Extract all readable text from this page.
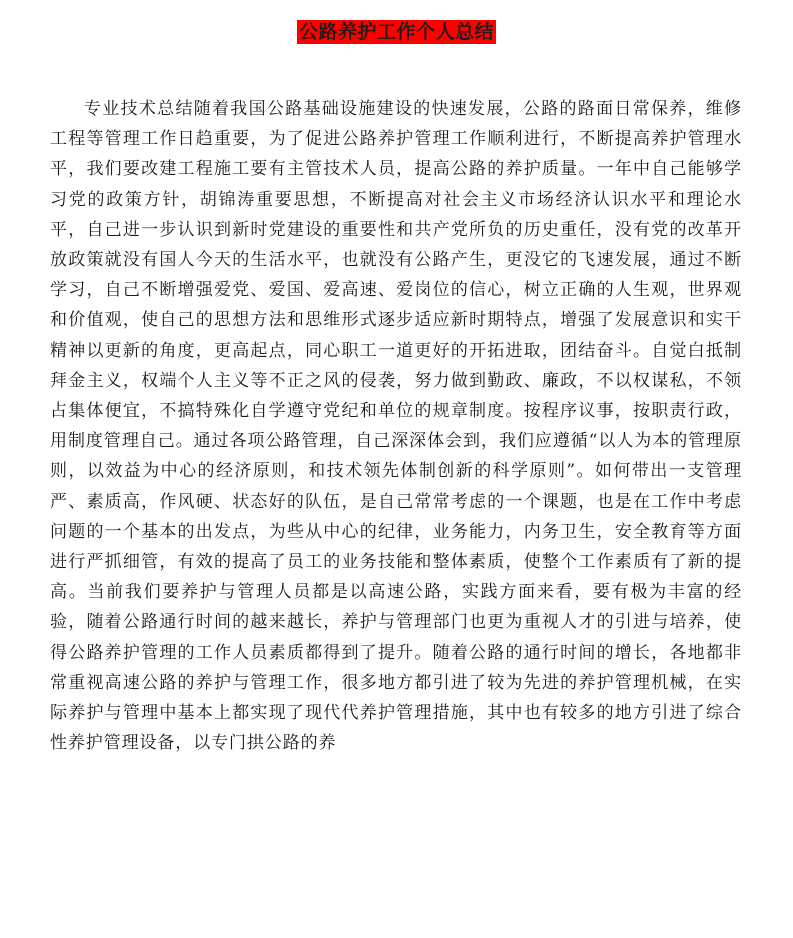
公路养护工作个人总结

专业技术总结随着我国公路基础设施建设的快速发展，公路的路面日常保养，维修工程等管理工作日趋重要，为了促进公路养护管理工作顺利进行，不断提高养护管理水平，我们要改建工程施工要有主管技术人员，提高公路的养护质量。一年中自己能够学习党的政策方针，胡锦涛重要思想，不断提高对社会主义市场经济认识水平和理论水平，自己进一步认识到新时党建设的重要性和共产党所负的历史重任，没有党的改革开放政策就没有国人今天的生活水平，也就没有公路产生，更没它的飞速发展，通过不断学习，自己不断增强爱党、爱国、爱高速、爱岗位的信心，树立正确的人生观，世界观和价值观，使自己的思想方法和思维形式逐步适应新时期特点，增强了发展意识和实干精神以更新的角度，更高起点，同心职工一道更好的开拓进取，团结奋斗。自觉白抵制拜金主义，权端个人主义等不正之风的侵袭，努力做到勤政、廉政，不以权谋私，不领占集体便宜，不搞特殊化自学遵守党纪和单位的规章制度。按程序议事，按职责行政，用制度管理自己。通过各项公路管理，自己深深体会到，我们应遵循“以人为本的管理原则，以效益为中心的经济原则，和技术领先体制创新的科学原则”。如何带出一支管理严、素质高，作风硬、状态好的队伍，是自己常常考虑的一个课题，也是在工作中考虑问题的一个基本的出发点，为些从中心的纪律，业务能力，内务卫生，安全教育等方面进行严抓细管，有效的提高了员工的业务技能和整体素质，使整个工作素质有了新的提高。当前我们要养护与管理人员都是以高速公路，实践方面来看，要有极为丰富的经验，随着公路通行时间的越来越长，养护与管理部门也更为重视人才的引进与培养，使得公路养护管理的工作人员素质都得到了提升。随着公路的通行时间的增长，各地都非常重视高速公路的养护与管理工作，很多地方都引进了较为先进的养护管理机械，在实际养护与管理中基本上都实现了现代代养护管理措施，其中也有较多的地方引进了综合性养护管理设备，以专门拱公路的养
